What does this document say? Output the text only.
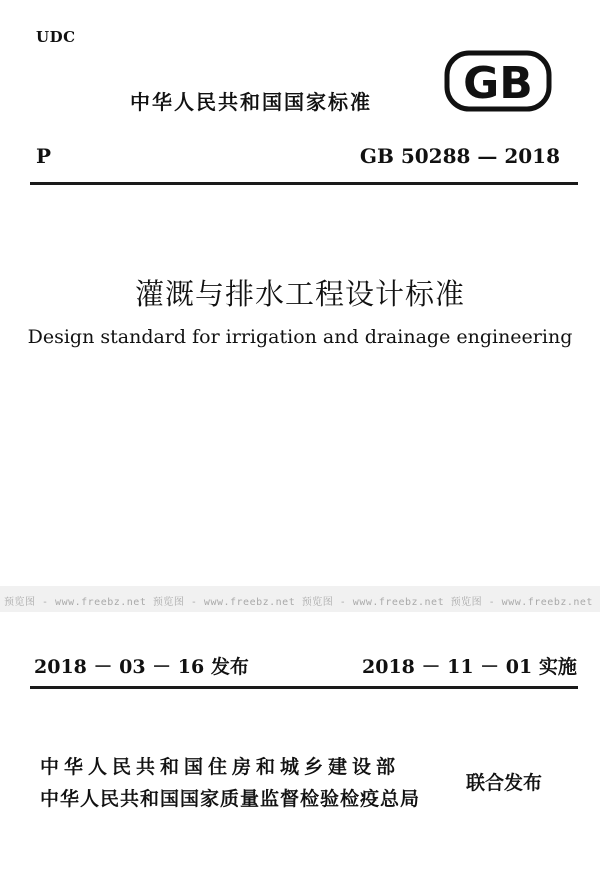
UDC
中华人民共和国国家标准 GB
P	GB 50288 — 2018
灌溉与排水工程设计标准
Design standard for irrigation and drainage engineering
预览图 - www.freebz.net 预览图 - www.freebz.net 预览图 - www.freebz.net 预览图 - www.freebz.net
2018 － 03 － 16 发布	2018 － 11 － 01 实施
中华人民共和国住房和城乡建设部
中华人民共和国国家质量监督检验检疫总局
联合发布
